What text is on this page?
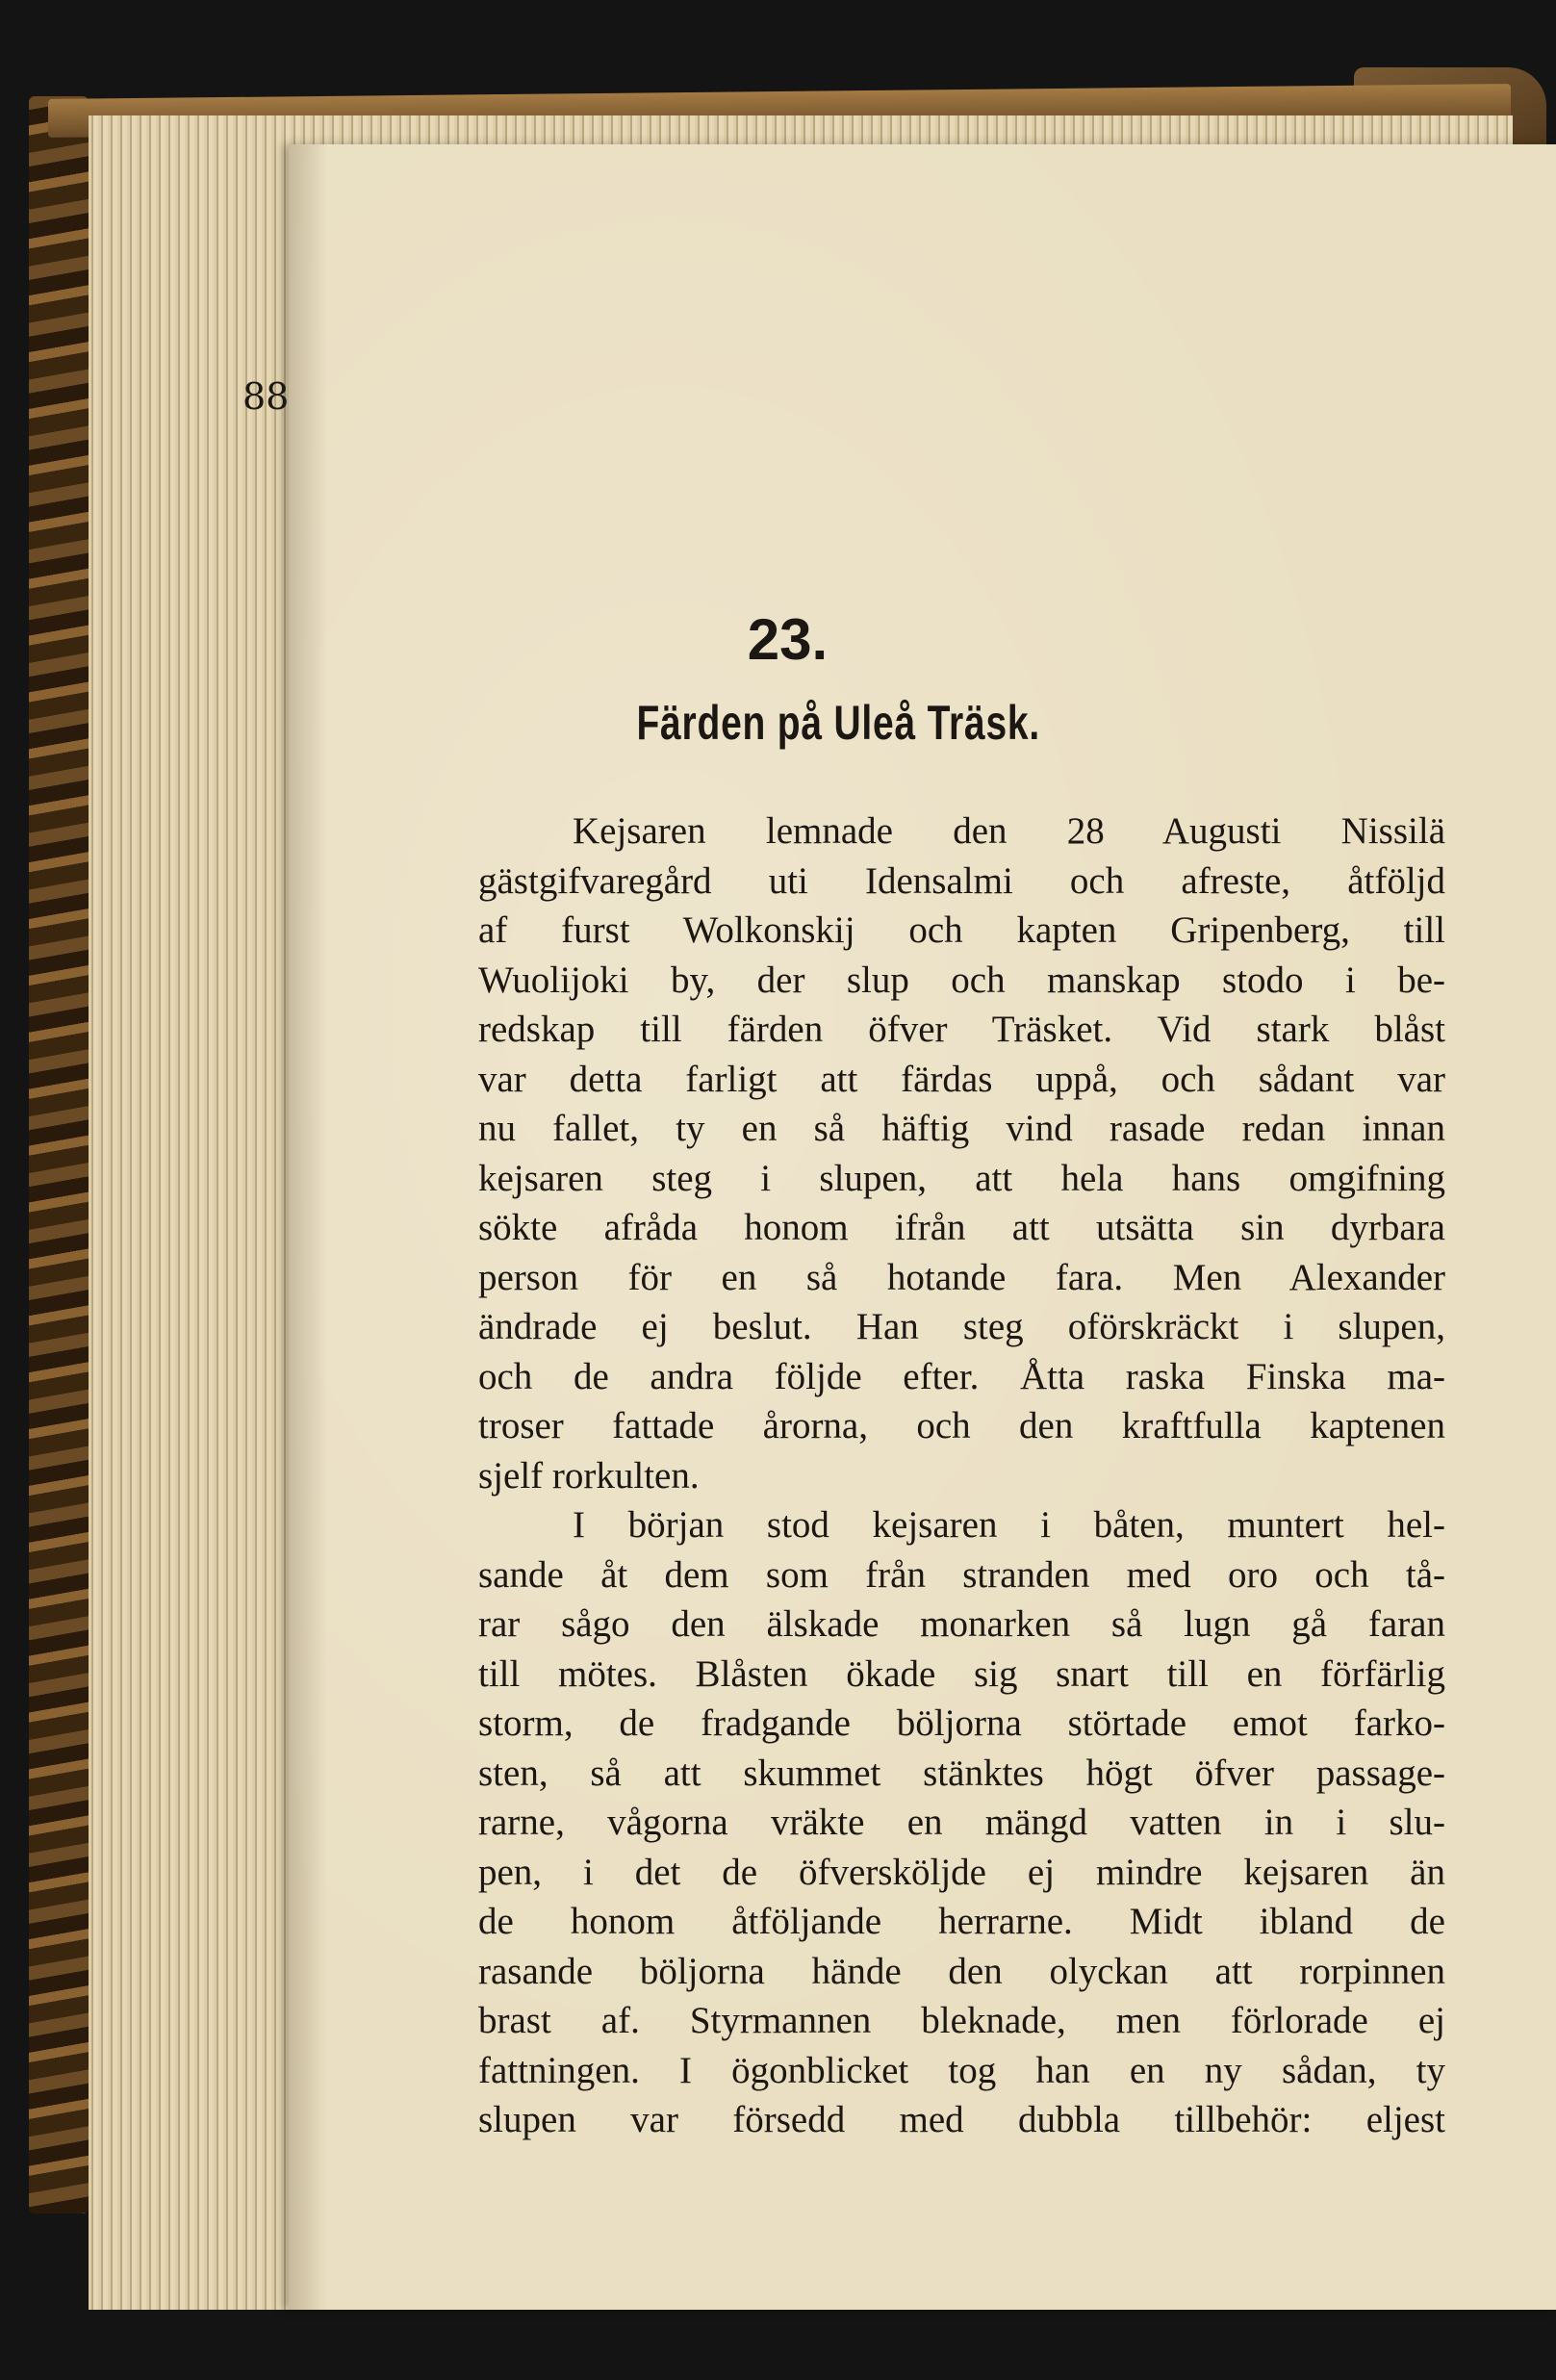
88
23.
Färden på Uleå Träsk.
Kejsaren lemnade den 28 Augusti Nissilä
gästgifvaregård uti Idensalmi och afreste, åtföljd
af furst Wolkonskij och kapten Gripenberg, till
Wuolijoki by, der slup och manskap stodo i be-
redskap till färden öfver Träsket. Vid stark blåst
var detta farligt att färdas uppå, och sådant var
nu fallet, ty en så häftig vind rasade redan innan
kejsaren steg i slupen, att hela hans omgifning
sökte afråda honom ifrån att utsätta sin dyrbara
person för en så hotande fara. Men Alexander
ändrade ej beslut. Han steg oförskräckt i slupen,
och de andra följde efter. Åtta raska Finska ma-
troser fattade årorna, och den kraftfulla kaptenen
sjelf rorkulten.
I början stod kejsaren i båten, muntert hel-
sande åt dem som från stranden med oro och tå-
rar sågo den älskade monarken så lugn gå faran
till mötes. Blåsten ökade sig snart till en förfärlig
storm, de fradgande böljorna störtade emot farko-
sten, så att skummet stänktes högt öfver passage-
rarne, vågorna vräkte en mängd vatten in i slu-
pen, i det de öfversköljde ej mindre kejsaren än
de honom åtföljande herrarne. Midt ibland de
rasande böljorna hände den olyckan att rorpinnen
brast af. Styrmannen bleknade, men förlorade ej
fattningen. I ögonblicket tog han en ny sådan, ty
slupen var försedd med dubbla tillbehör: eljest
